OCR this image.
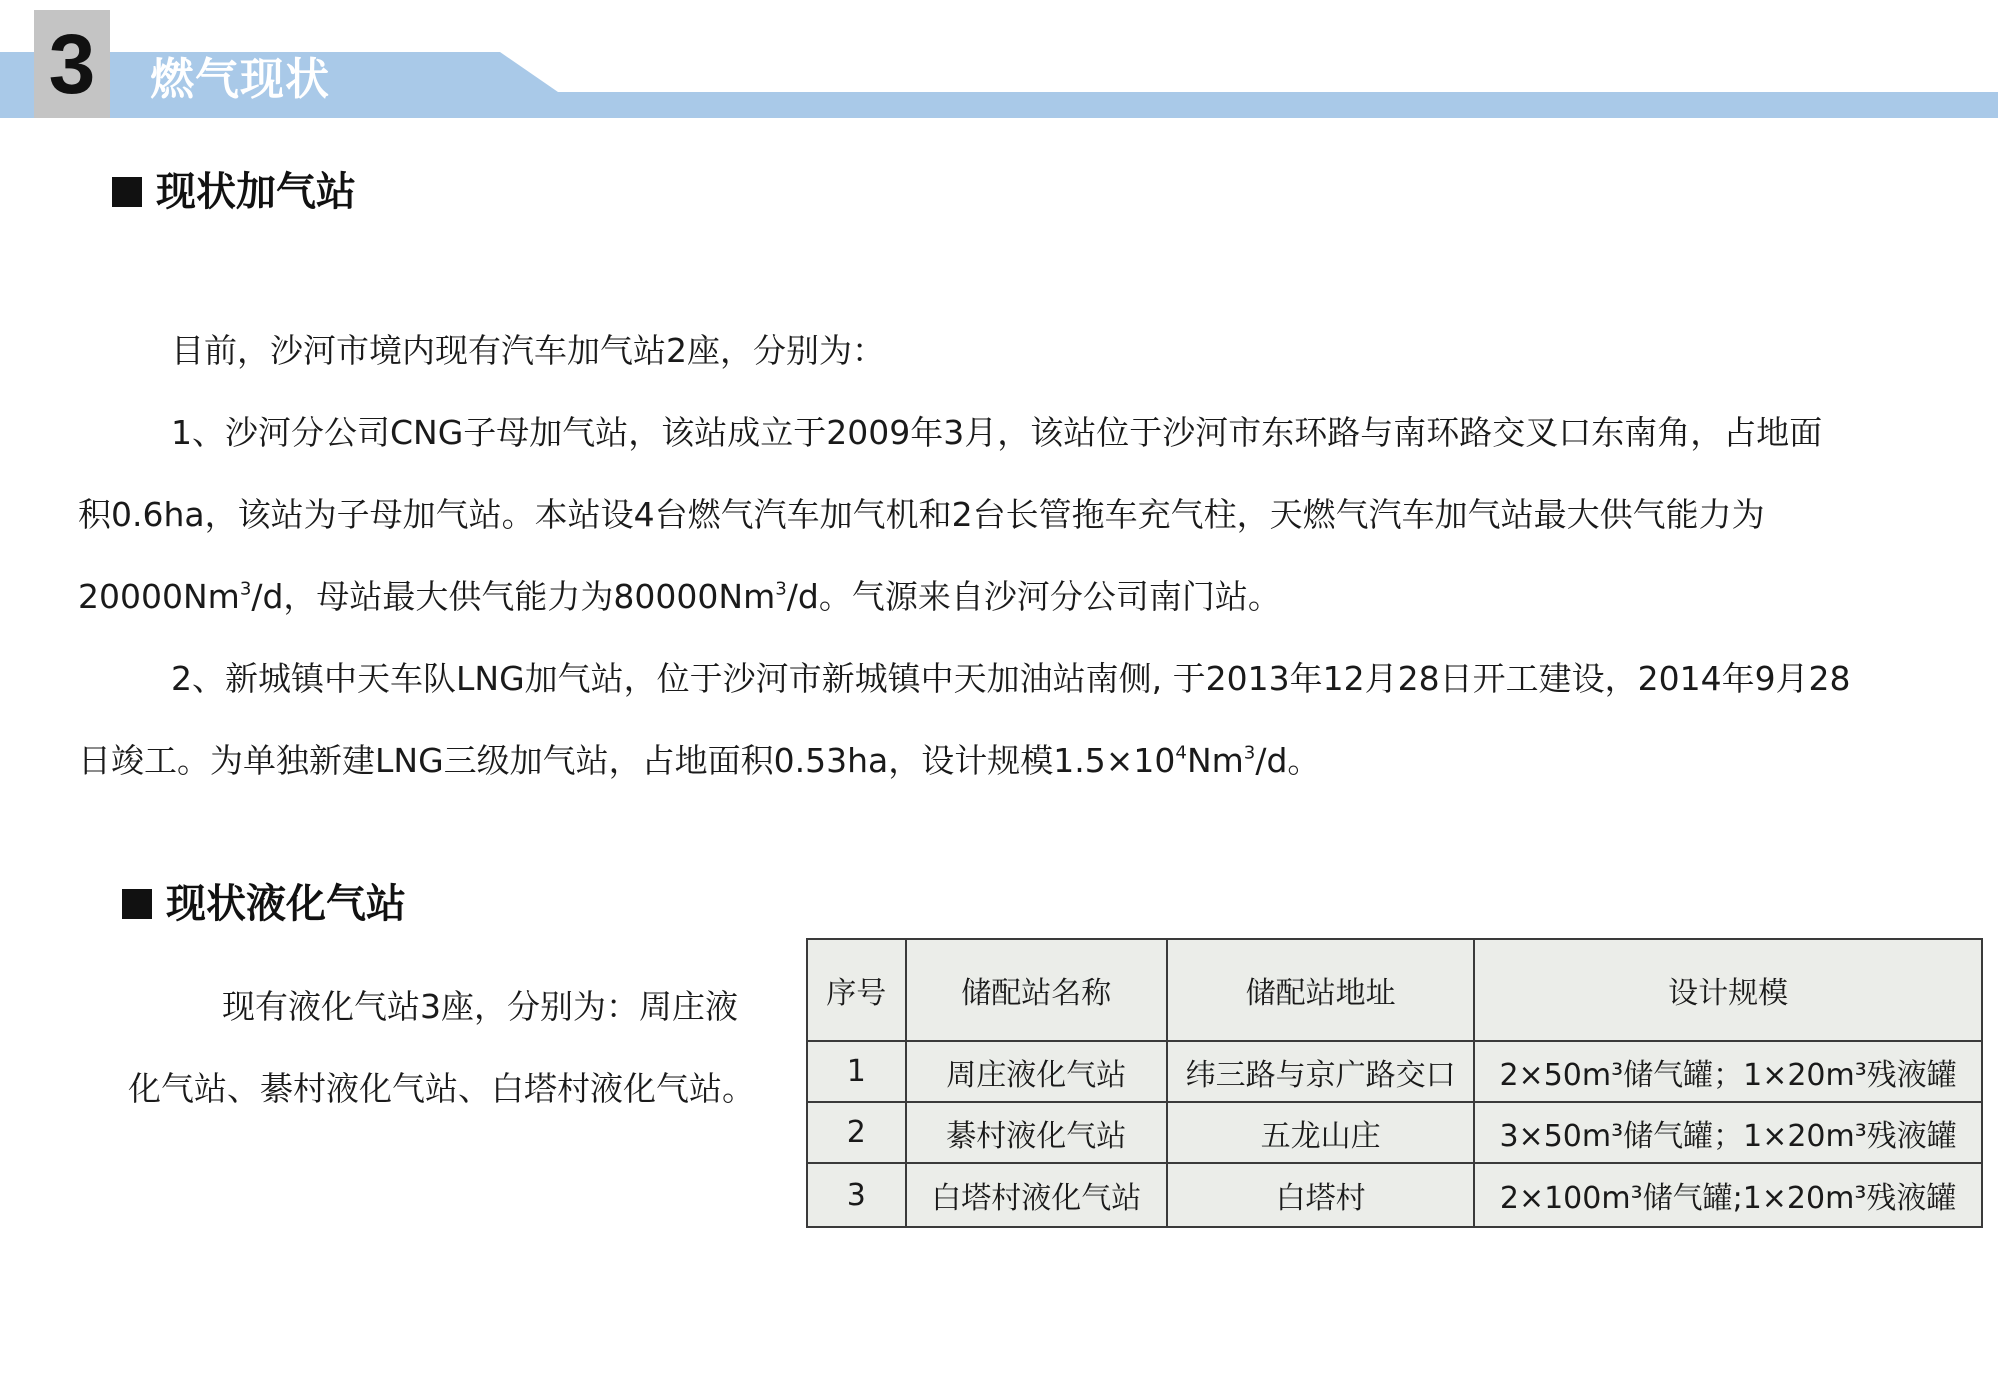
3	燃气现状
现状加气站
目前，沙河市境内现有汽车加气站2座，分别为：
1、沙河分公司CNG子母加气站，该站成立于2009年3月，该站位于沙河市东环路与南环路交叉口东南角，占地面
积0.6ha，该站为子母加气站。本站设4台燃气汽车加气机和2台长管拖车充气柱，天燃气汽车加气站最大供气能力为
20000Nm$^3$/d，母站最大供气能力为80000Nm$^3$/d。气源来自沙河分公司南门站。
2、新城镇中天车队LNG加气站，位于沙河市新城镇中天加油站南侧, 于2013年12月28日开工建设，2014年9月28
日竣工。为单独新建LNG三级加气站，占地面积0.53ha，设计规模$1.5\times 10^4Nm^3/d$。
现状液化气站
现有液化气站3座，分别为：周庄液
化气站、綦村液化气站、白塔村液化气站。
序号	储配站名称	储配站地址	设计规模
1	周庄液化气站	纬三路与京广路交口	2×50m³储气罐；1×20m³残液罐
2	綦村液化气站	五龙山庄	3×50m³储气罐；1×20m³残液罐
3	白塔村液化气站	白塔村	2×100m³储气罐;1×20m³残液罐
